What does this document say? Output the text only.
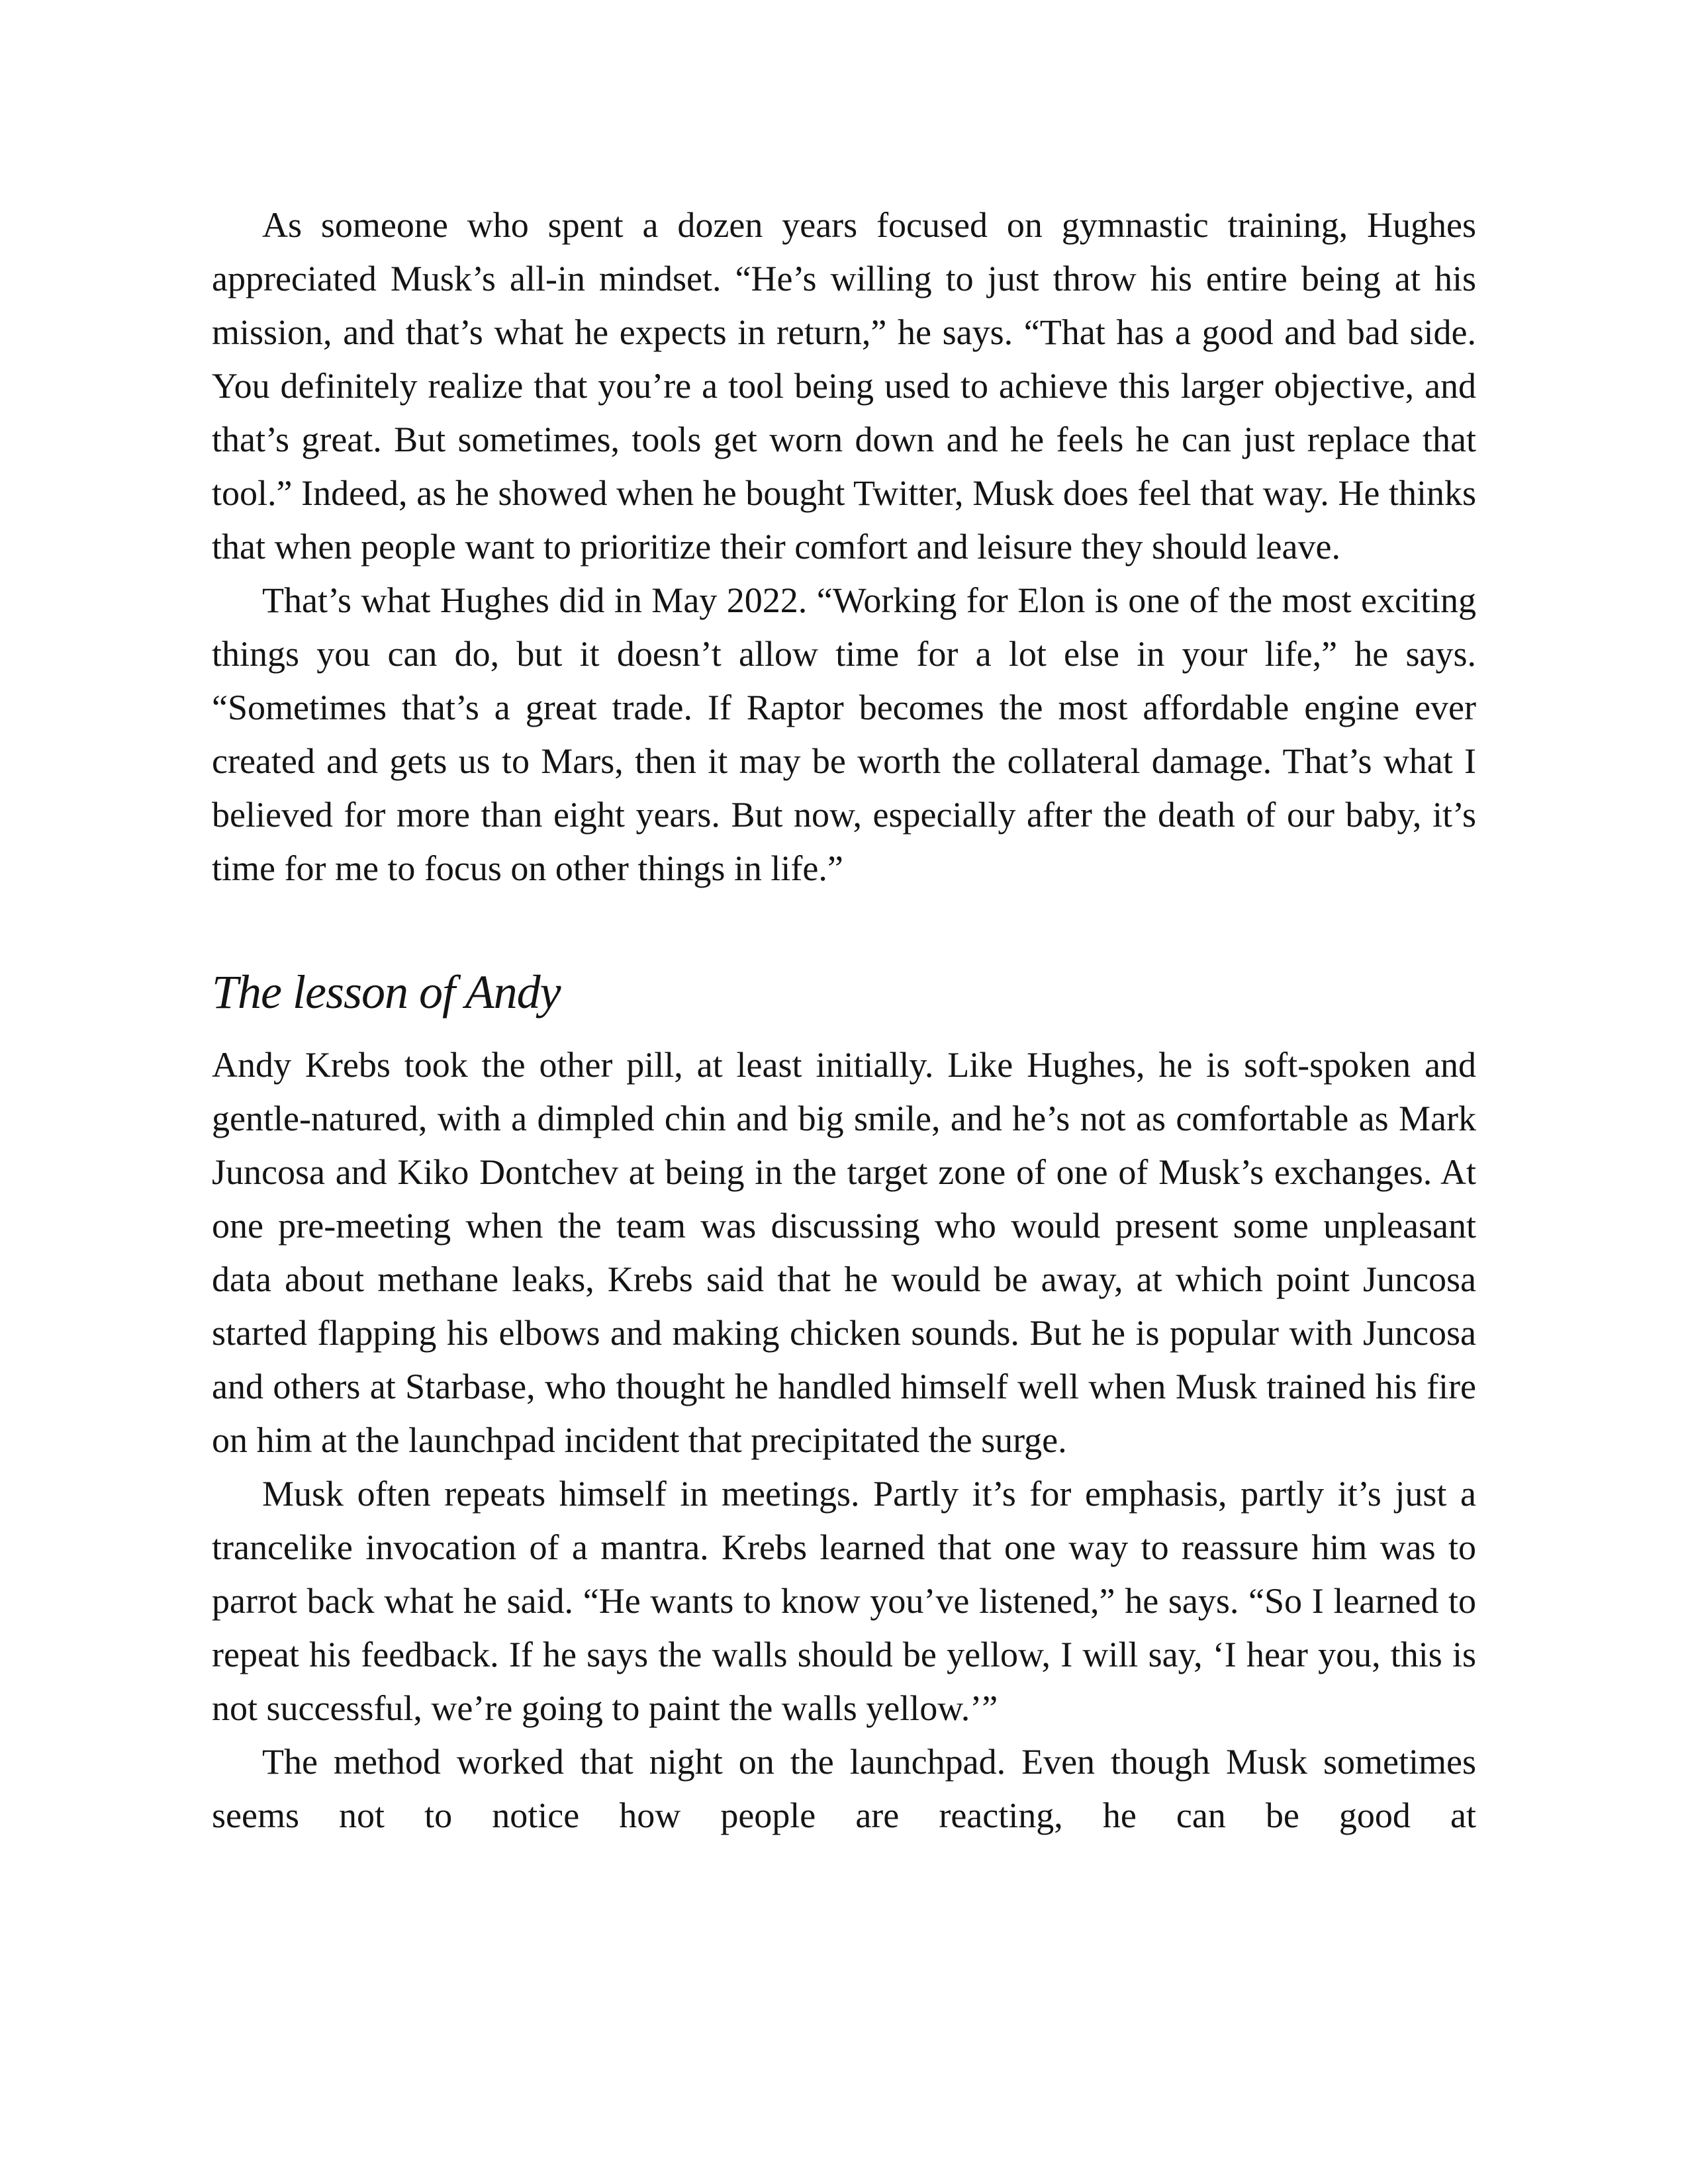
As someone who spent a dozen years focused on gymnastic training, Hughes appreciated Musk’s all-in mindset. “He’s willing to just throw his entire being at his mission, and that’s what he expects in return,” he says. “That has a good and bad side. You definitely realize that you’re a tool being used to achieve this larger objective, and that’s great. But sometimes, tools get worn down and he feels he can just replace that tool.” Indeed, as he showed when he bought Twitter, Musk does feel that way. He thinks that when people want to prioritize their comfort and leisure they should leave.

That’s what Hughes did in May 2022. “Working for Elon is one of the most exciting things you can do, but it doesn’t allow time for a lot else in your life,” he says. “Sometimes that’s a great trade. If Raptor becomes the most affordable engine ever created and gets us to Mars, then it may be worth the collateral damage. That’s what I believed for more than eight years. But now, especially after the death of our baby, it’s time for me to focus on other things in life.”

The lesson of Andy

Andy Krebs took the other pill, at least initially. Like Hughes, he is soft-spoken and gentle-natured, with a dimpled chin and big smile, and he’s not as comfortable as Mark Juncosa and Kiko Dontchev at being in the target zone of one of Musk’s exchanges. At one pre-meeting when the team was discussing who would present some unpleasant data about methane leaks, Krebs said that he would be away, at which point Juncosa started flapping his elbows and making chicken sounds. But he is popular with Juncosa and others at Starbase, who thought he handled himself well when Musk trained his fire on him at the launchpad incident that precipitated the surge.

Musk often repeats himself in meetings. Partly it’s for emphasis, partly it’s just a trancelike invocation of a mantra. Krebs learned that one way to reassure him was to parrot back what he said. “He wants to know you’ve listened,” he says. “So I learned to repeat his feedback. If he says the walls should be yellow, I will say, ‘I hear you, this is not successful, we’re going to paint the walls yellow.’”

The method worked that night on the launchpad. Even though Musk sometimes seems not to notice how people are reacting, he can be good at
